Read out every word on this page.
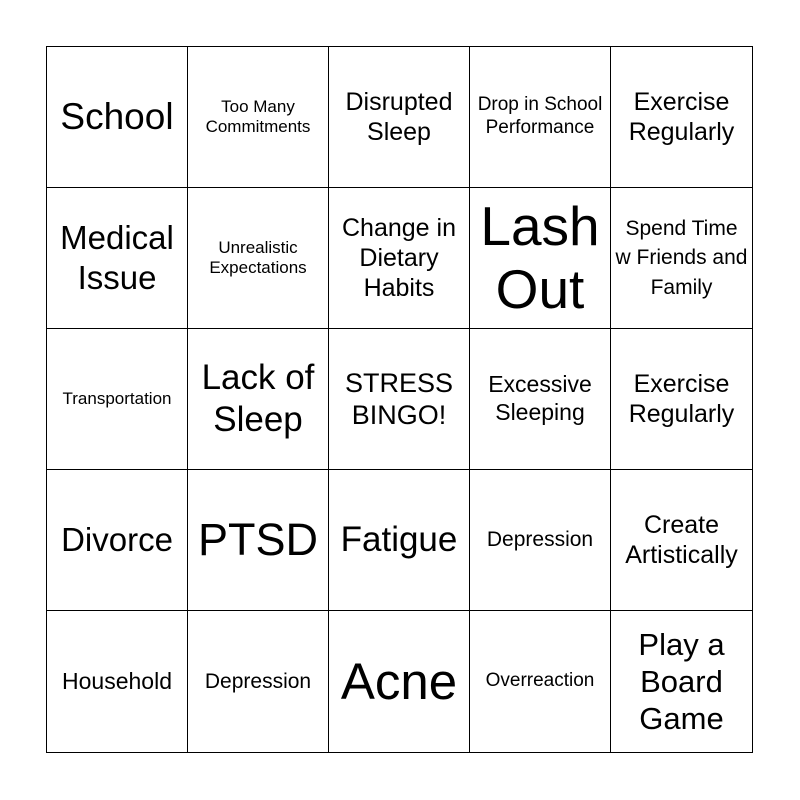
School	Too Many Commitments
Disrupted Sleep
Drop in School Performance
Exercise Regularly
Medical Issue
Unrealistic Expectations
Change in Dietary Habits
Lash Out
Spend Time w Friends and Family
Transportation
Lack of Sleep
STRESS BINGO!
Excessive Sleeping
Exercise Regularly
Divorce PTSD Fatigue Depression
Create Artistically
Household Depression Acne Overreaction
Play a Board Game
